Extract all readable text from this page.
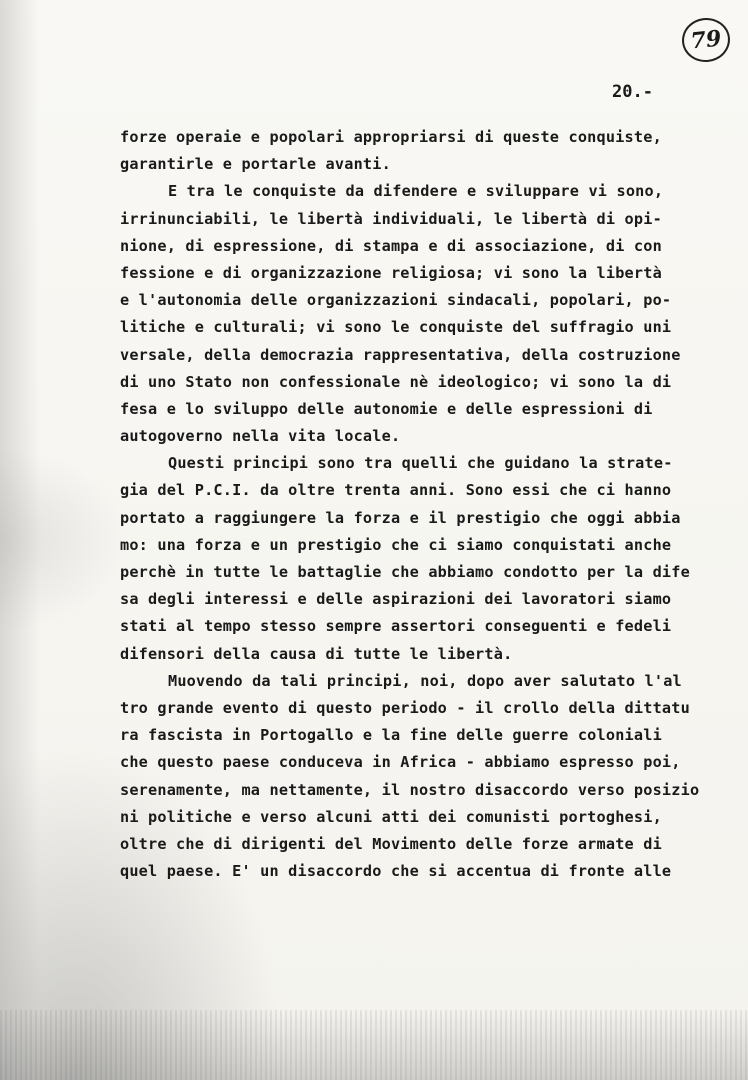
79
20.-
forze operaie e popolari appropriarsi di queste conquiste,
garantirle e portarle avanti.
E tra le conquiste da difendere e sviluppare vi sono,
irrinunciabili, le libertà individuali, le libertà di opi-
nione, di espressione, di stampa e di associazione, di con
fessione e di organizzazione religiosa; vi sono la libertà
e l'autonomia delle organizzazioni sindacali, popolari, po-
litiche e culturali; vi sono le conquiste del suffragio uni
versale, della democrazia rappresentativa, della costruzione
di uno Stato non confessionale nè ideologico; vi sono la di
fesa e lo sviluppo delle autonomie e delle espressioni di
autogoverno nella vita locale.
Questi principi sono tra quelli che guidano la strate-
gia del P.C.I. da oltre trenta anni. Sono essi che ci hanno
portato a raggiungere la forza e il prestigio che oggi abbia
mo: una forza e un prestigio che ci siamo conquistati anche
perchè in tutte le battaglie che abbiamo condotto per la dife
sa degli interessi e delle aspirazioni dei lavoratori siamo
stati al tempo stesso sempre assertori conseguenti e fedeli
difensori della causa di tutte le libertà.
Muovendo da tali principi, noi, dopo aver salutato l'al
tro grande evento di questo periodo - il crollo della dittatu
ra fascista in Portogallo e la fine delle guerre coloniali
che questo paese conduceva in Africa - abbiamo espresso poi,
serenamente, ma nettamente, il nostro disaccordo verso posizio
ni politiche e verso alcuni atti dei comunisti portoghesi,
oltre che di dirigenti del Movimento delle forze armate di
quel paese. E' un disaccordo che si accentua di fronte alle
